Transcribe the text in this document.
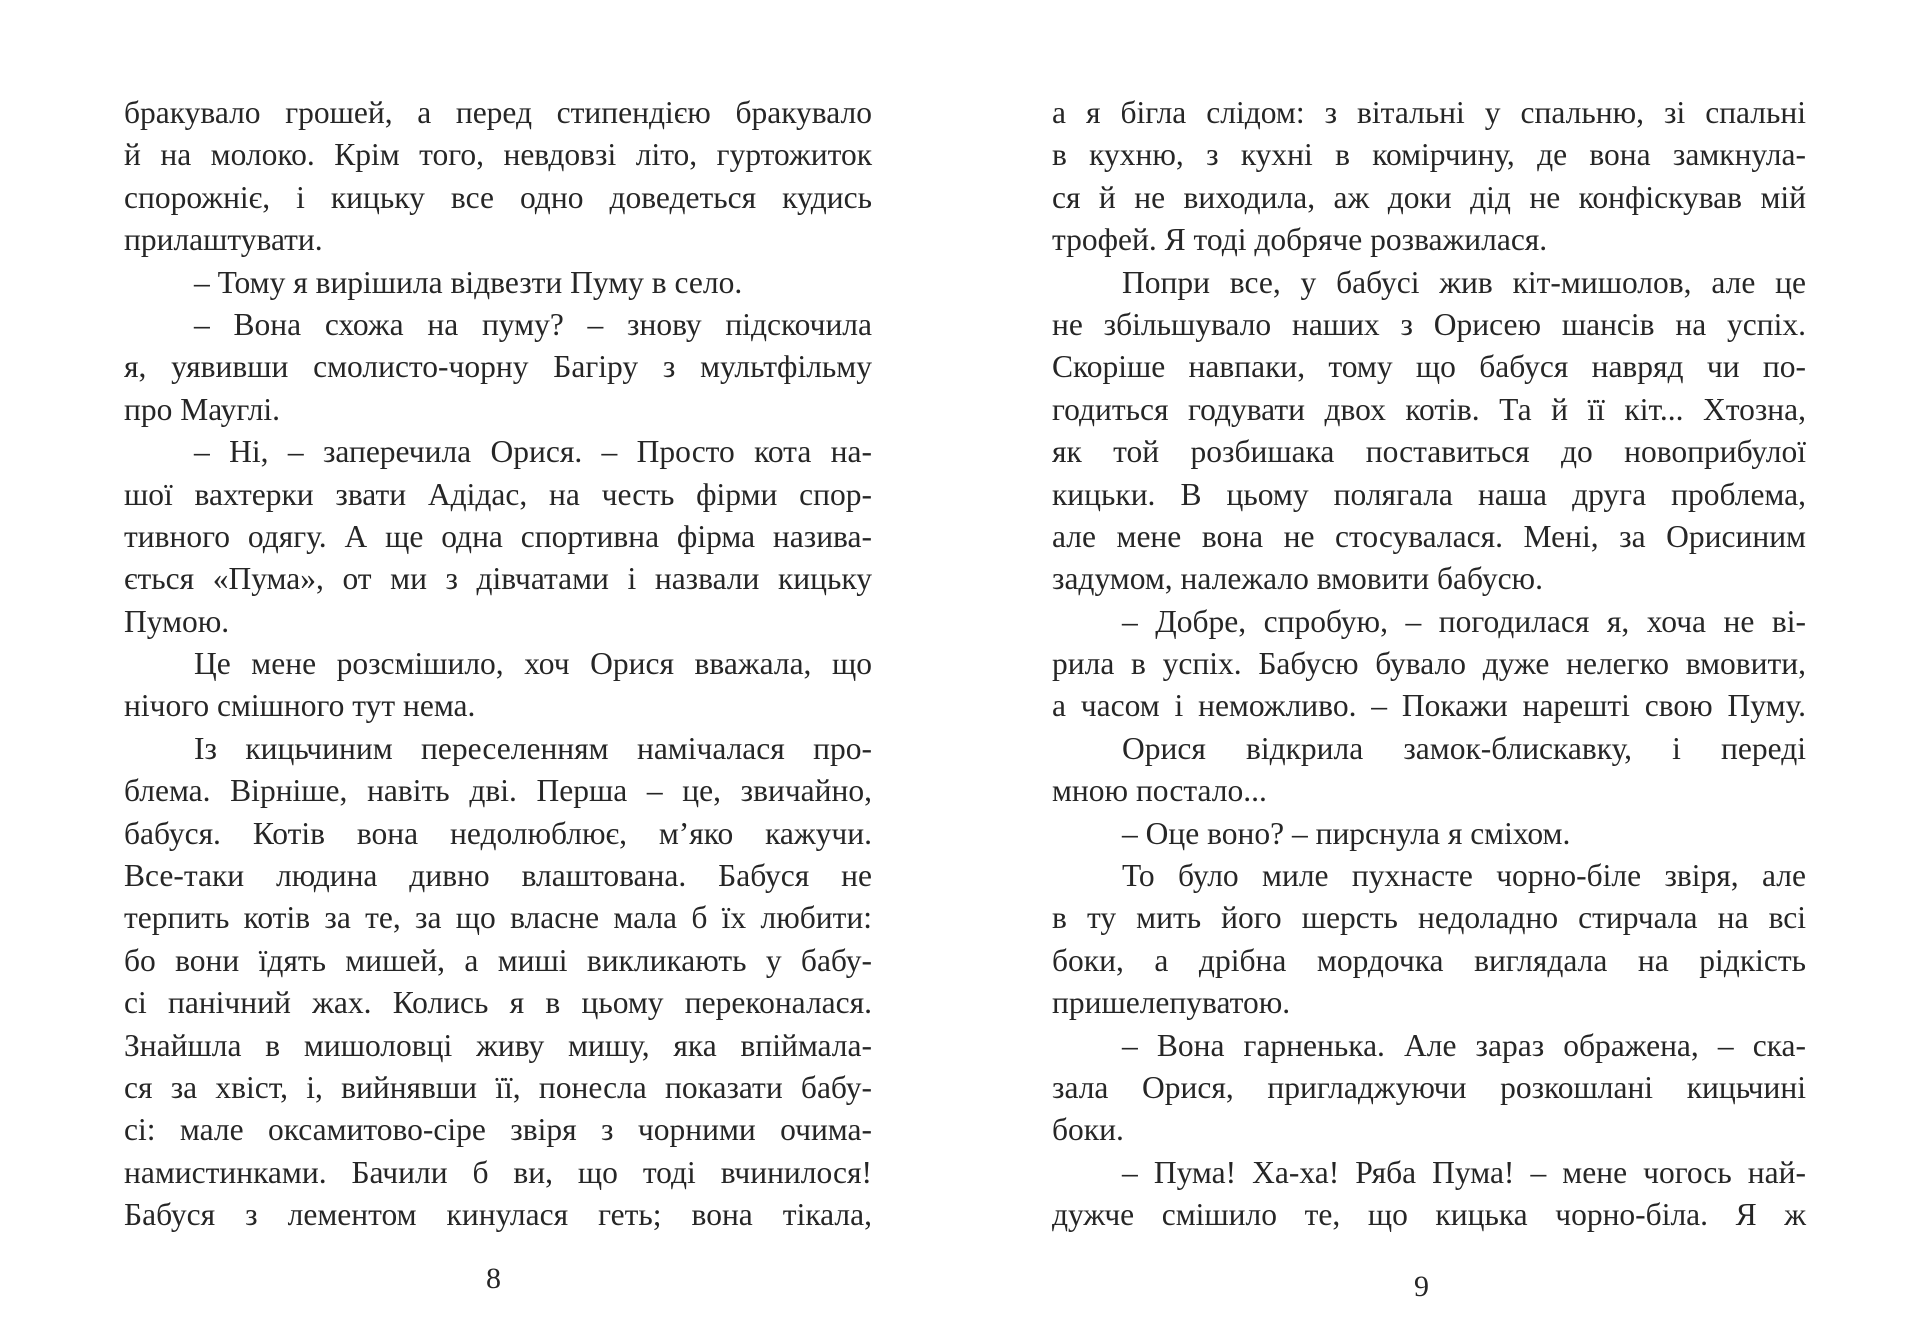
бракувало грошей, а перед стипендією бракувало
й на молоко. Крім того, невдовзі літо, гуртожиток
спорожніє, і кицьку все одно доведеться кудись
прилаштувати.
– Тому я вирішила відвезти Пуму в село.
– Вона схожа на пуму? – знову підскочила
я, уявивши смолисто-чорну Багіру з мультфільму
про Мауглі.
– Ні, – заперечила Орися. – Просто кота на-
шої вахтерки звати Адідас, на честь фірми спор-
тивного одягу. А ще одна спортивна фірма назива-
ється «Пума», от ми з дівчатами і назвали кицьку
Пумою.
Це мене розсмішило, хоч Орися вважала, що
нічого смішного тут нема.
Із кицьчиним переселенням намічалася про-
блема. Вірніше, навіть дві. Перша – це, звичайно,
бабуся. Котів вона недолюблює, м’яко кажучи.
Все-таки людина дивно влаштована. Бабуся не
терпить котів за те, за що власне мала б їх любити:
бо вони їдять мишей, а миші викликають у бабу-
сі панічний жах. Колись я в цьому переконалася.
Знайшла в мишоловці живу мишу, яка впіймала-
ся за хвіст, і, вийнявши її, понесла показати бабу-
сі: мале оксамитово-сіре звіря з чорними очима-
намистинками. Бачили б ви, що тоді вчинилося!
Бабуся з лементом кинулася геть; вона тікала,
а я бігла слідом: з вітальні у спальню, зі спальні
в кухню, з кухні в комірчину, де вона замкнула-
ся й не виходила, аж доки дід не конфіскував мій
трофей. Я тоді добряче розважилася.
Попри все, у бабусі жив кіт-мишолов, але це
не збільшувало наших з Орисею шансів на успіх.
Скоріше навпаки, тому що бабуся навряд чи по-
годиться годувати двох котів. Та й її кіт... Хтозна,
як той розбишака поставиться до новоприбулої
кицьки. В цьому полягала наша друга проблема,
але мене вона не стосувалася. Мені, за Орисиним
задумом, належало вмовити бабусю.
– Добре, спробую, – погодилася я, хоча не ві-
рила в успіх. Бабусю бувало дуже нелегко вмовити,
а часом і неможливо. – Покажи нарешті свою Пуму.
Орися відкрила замок-блискавку, і переді
мною постало...
– Оце воно? – пирснула я сміхом.
То було миле пухнасте чорно-біле звіря, але
в ту мить його шерсть недоладно стирчала на всі
боки, а дрібна мордочка виглядала на рідкість
пришелепуватою.
– Вона гарненька. Але зараз ображена, – ска-
зала Орися, пригладжуючи розкошлані кицьчині
боки.
– Пума! Ха-ха! Ряба Пума! – мене чогось най-
дужче смішило те, що кицька чорно-біла. Я ж
8	9
